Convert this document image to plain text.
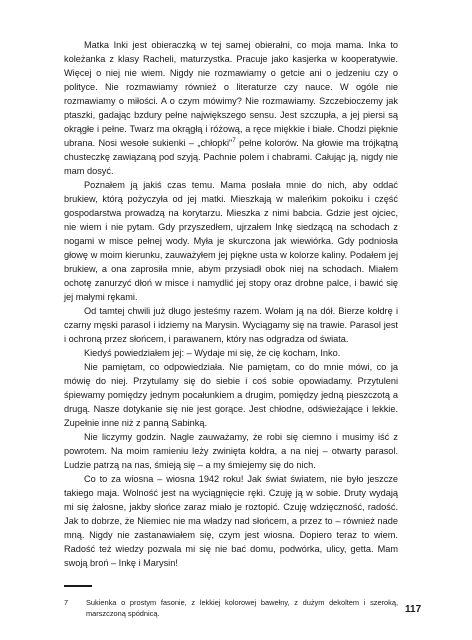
Matka Inki jest obieraczką w tej samej obierałni, co moja mama. Inka to koleżanka z klasy Racheli, maturzystka. Pracuje jako kasjerka w kooperatywie. Więcej o niej nie wiem. Nigdy nie rozmawiamy o getcie ani o jedzeniu czy o polityce. Nie rozmawiamy również o literaturze czy nauce. W ogóle nie rozmawiamy o miłości. A o czym mówimy? Nie rozmawiamy. Szczebioczemy jak ptaszki, gadając bzdury pełne największego sensu. Jest szczupła, a jej piersi są okrągłe i pełne. Twarz ma okrągłą i różową, a ręce miękkie i białe. Chodzi pięknie ubrana. Nosi wesołe sukienki – „chłopki"$^7$ pełne kolorów. Na głowie ma trójkątną chusteczkę zawiązaną pod szyją. Pachnie polem i chabrami. Całując ją, nigdy nie mam dosyć.

Poznałem ją jakiś czas temu. Mama posłała mnie do nich, aby oddać brukiew, którą pożyczyła od jej matki. Mieszkają w maleńkim pokoiku i część gospodarstwa prowadzą na korytarzu. Mieszka z nimi babcia. Gdzie jest ojciec, nie wiem i nie pytam. Gdy przyszedłem, ujrzałem Inkę siedzącą na schodach z nogami w misce pełnej wody. Myła je skurczona jak wiewiórka. Gdy podniosła głowę w moim kierunku, zauważyłem jej piękne usta w kolorze kaliny. Podałem jej brukiew, a ona zaprosiła mnie, abym przysiadł obok niej na schodach. Miałem ochotę zanurzyć dłoń w misce i namydlić jej stopy oraz drobne palce, i bawić się jej małymi rękami.

Od tamtej chwili już długo jesteśmy razem. Wołam ją na dół. Bierze kołdrę i czarny męski parasol i idziemy na Marysin. Wyciągamy się na trawie. Parasol jest i ochroną przez słońcem, i parawanem, który nas odgradza od świata.

Kiedyś powiedziałem jej: – Wydaje mi się, że cię kocham, Inko.

Nie pamiętam, co odpowiedziała. Nie pamiętam, co do mnie mówi, co ja mówię do niej. Przytulamy się do siebie i coś sobie opowiadamy. Przytuleni śpiewamy pomiędzy jednym pocałunkiem a drugim, pomiędzy jedną pieszczotą a drugą. Nasze dotykanie się nie jest gorące. Jest chłodne, odświeżające i lekkie. Zupełnie inne niż z panną Sabinką.

Nie liczymy godzin. Nagle zauważamy, że robi się ciemno i musimy iść z powrotem. Na moim ramieniu leży zwinięta kołdra, a na niej – otwarty parasol. Ludzie patrzą na nas, śmieją się – a my śmiejemy się do nich.

Co to za wiosna – wiosna 1942 roku! Jak świat światem, nie było jeszcze takiego maja. Wolność jest na wyciągnięcie ręki. Czuję ją w sobie. Druty wydają mi się żałosne, jakby słońce zaraz miało je roztopić. Czuję wdzięczność, radość. Jak to dobrze, że Niemiec nie ma władzy nad słońcem, a przez to – również nade mną. Nigdy nie zastanawiałem się, czym jest wiosna. Dopiero teraz to wiem. Radość też wiedzy pozwala mi się nie bać domu, podwórka, ulicy, getta. Mam swoją broń – Inkę i Marysin!

7 Sukienka o prostym fasonie, z lekkiej kolorowej bawełny, z dużym dekoltem i szeroką, marszczoną spódnicą.	117
